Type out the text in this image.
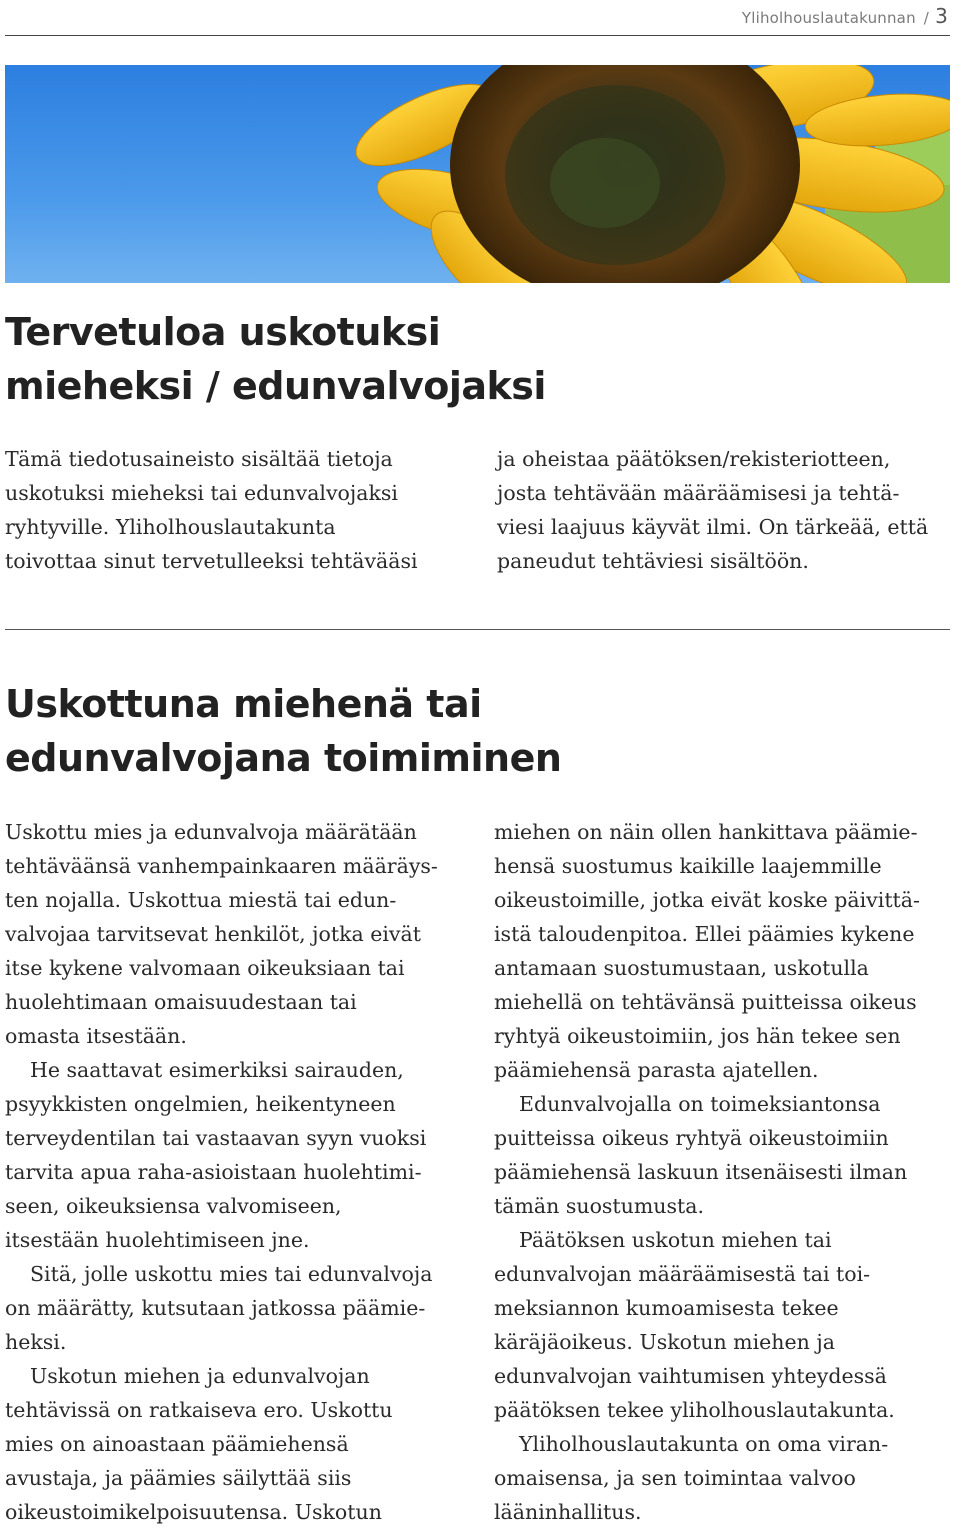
Yliholhouslautakunnan / 3
Tervetuloa uskotuksi
mieheksi / edunvalvojaksi
Tämä tiedotusaineisto sisältää tietoja
uskotuksi mieheksi tai edunvalvojaksi
ryhtyville. Yliholhouslautakunta
toivottaa sinut tervetulleeksi tehtävääsi
ja oheistaa päätöksen/rekisteriotteen,
josta tehtävään määräämisesi ja tehtä-
viesi laajuus käyvät ilmi. On tärkeää, että
paneudut tehtäviesi sisältöön.
Uskottuna miehenä tai
edunvalvojana toimiminen

Uskottu mies ja edunvalvoja määrätään
tehtäväänsä vanhempainkaaren määräys-
ten nojalla. Uskottua miestä tai edun-
valvojaa tarvitsevat henkilöt, jotka eivät
itse kykene valvomaan oikeuksiaan tai
huolehtimaan omaisuudestaan tai
omasta itsestään.

He saattavat esimerkiksi sairauden,
psyykkisten ongelmien, heikentyneen
terveydentilan tai vastaavan syyn vuoksi
tarvita apua raha-asioistaan huolehtimi-
seen, oikeuksiensa valvomiseen,
itsestään huolehtimiseen jne.

Sitä, jolle uskottu mies tai edunvalvoja
on määrätty, kutsutaan jatkossa päämie-
heksi.

Uskotun miehen ja edunvalvojan
tehtävissä on ratkaiseva ero. Uskottu
mies on ainoastaan päämiehensä
avustaja, ja päämies säilyttää siis
oikeustoimikelpoisuutensa. Uskotun

miehen on näin ollen hankittava päämie-
hensä suostumus kaikille laajemmille
oikeustoimille, jotka eivät koske päivittä-
istä taloudenpitoa. Ellei päämies kykene
antamaan suostumustaan, uskotulla
miehellä on tehtävänsä puitteissa oikeus
ryhtyä oikeustoimiin, jos hän tekee sen
päämiehensä parasta ajatellen.

Edunvalvojalla on toimeksiantonsa
puitteissa oikeus ryhtyä oikeustoimiin
päämiehensä laskuun itsenäisesti ilman
tämän suostumusta.

Päätöksen uskotun miehen tai
edunvalvojan määräämisestä tai toi-
meksiannon kumoamisesta tekee
käräjäoikeus. Uskotun miehen ja
edunvalvojan vaihtumisen yhteydessä
päätöksen tekee yliholhouslautakunta.

Yliholhouslautakunta on oma viran-
omaisensa, ja sen toimintaa valvoo
lääninhallitus.
